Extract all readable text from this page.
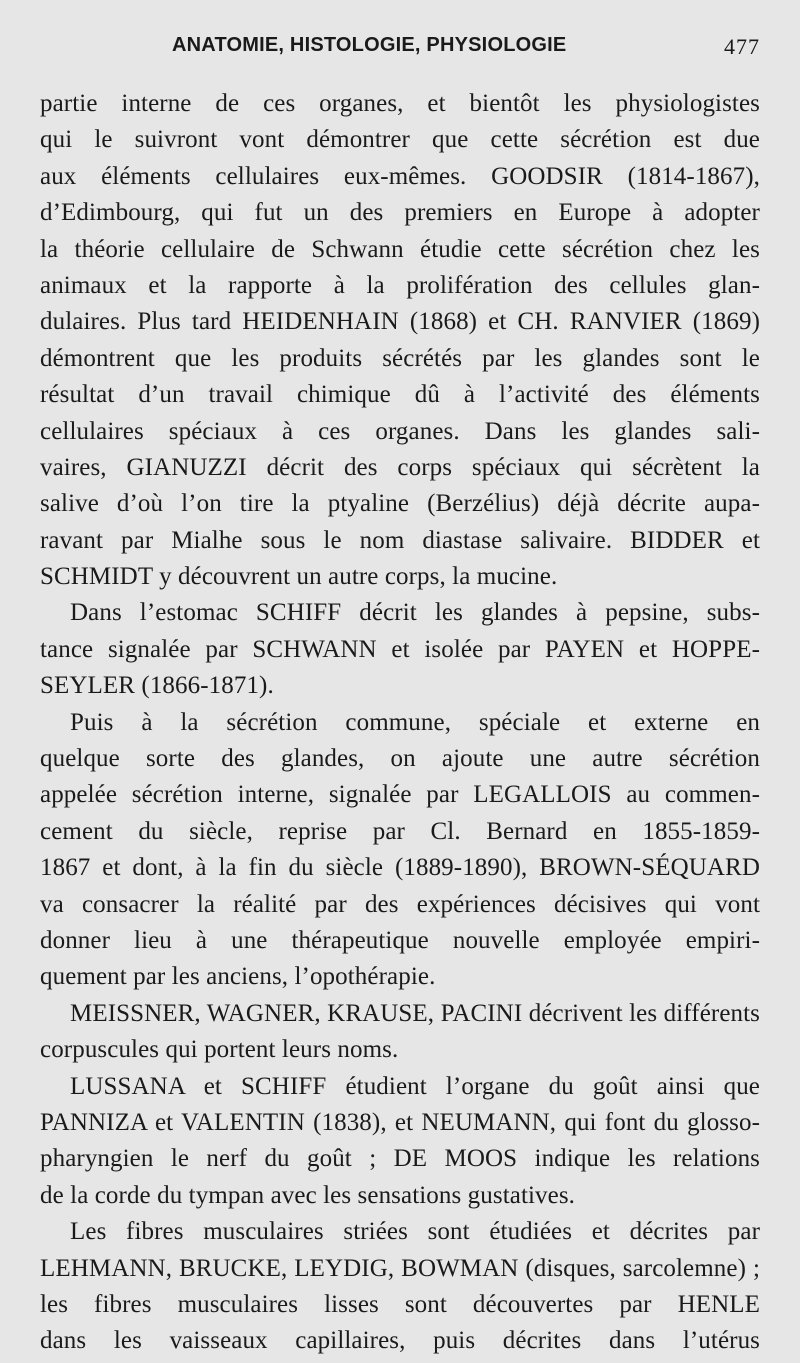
ANATOMIE, HISTOLOGIE, PHYSIOLOGIE	477
partie interne de ces organes, et bientôt les physiologistes
qui le suivront vont démontrer que cette sécrétion est due
aux éléments cellulaires eux-mêmes. GOODSIR (1814-1867),
d’Edimbourg, qui fut un des premiers en Europe à adopter
la théorie cellulaire de Schwann étudie cette sécrétion chez les
animaux et la rapporte à la prolifération des cellules glan-
dulaires. Plus tard HEIDENHAIN (1868) et CH. RANVIER (1869)
démontrent que les produits sécrétés par les glandes sont le
résultat d’un travail chimique dû à l’activité des éléments
cellulaires spéciaux à ces organes. Dans les glandes sali-
vaires, GIANUZZI décrit des corps spéciaux qui sécrètent la
salive d’où l’on tire la ptyaline (Berzélius) déjà décrite aupa-
ravant par Mialhe sous le nom diastase salivaire. BIDDER et
SCHMIDT y découvrent un autre corps, la mucine.
Dans l’estomac SCHIFF décrit les glandes à pepsine, subs-
tance signalée par SCHWANN et isolée par PAYEN et HOPPE-
SEYLER (1866-1871).
Puis à la sécrétion commune, spéciale et externe en
quelque sorte des glandes, on ajoute une autre sécrétion
appelée sécrétion interne, signalée par LEGALLOIS au commen-
cement du siècle, reprise par Cl. Bernard en 1855-1859-
1867 et dont, à la fin du siècle (1889-1890), BROWN-SÉQUARD
va consacrer la réalité par des expériences décisives qui vont
donner lieu à une thérapeutique nouvelle employée empiri-
quement par les anciens, l’opothérapie.
MEISSNER, WAGNER, KRAUSE, PACINI décrivent les différents
corpuscules qui portent leurs noms.
LUSSANA et SCHIFF étudient l’organe du goût ainsi que
PANNIZA et VALENTIN (1838), et NEUMANN, qui font du glosso-
pharyngien le nerf du goût ; DE MOOS indique les relations
de la corde du tympan avec les sensations gustatives.
Les fibres musculaires striées sont étudiées et décrites par
LEHMANN, BRUCKE, LEYDIG, BOWMAN (disques, sarcolemne) ;
les fibres musculaires lisses sont découvertes par HENLE
dans les vaisseaux capillaires, puis décrites dans l’utérus
